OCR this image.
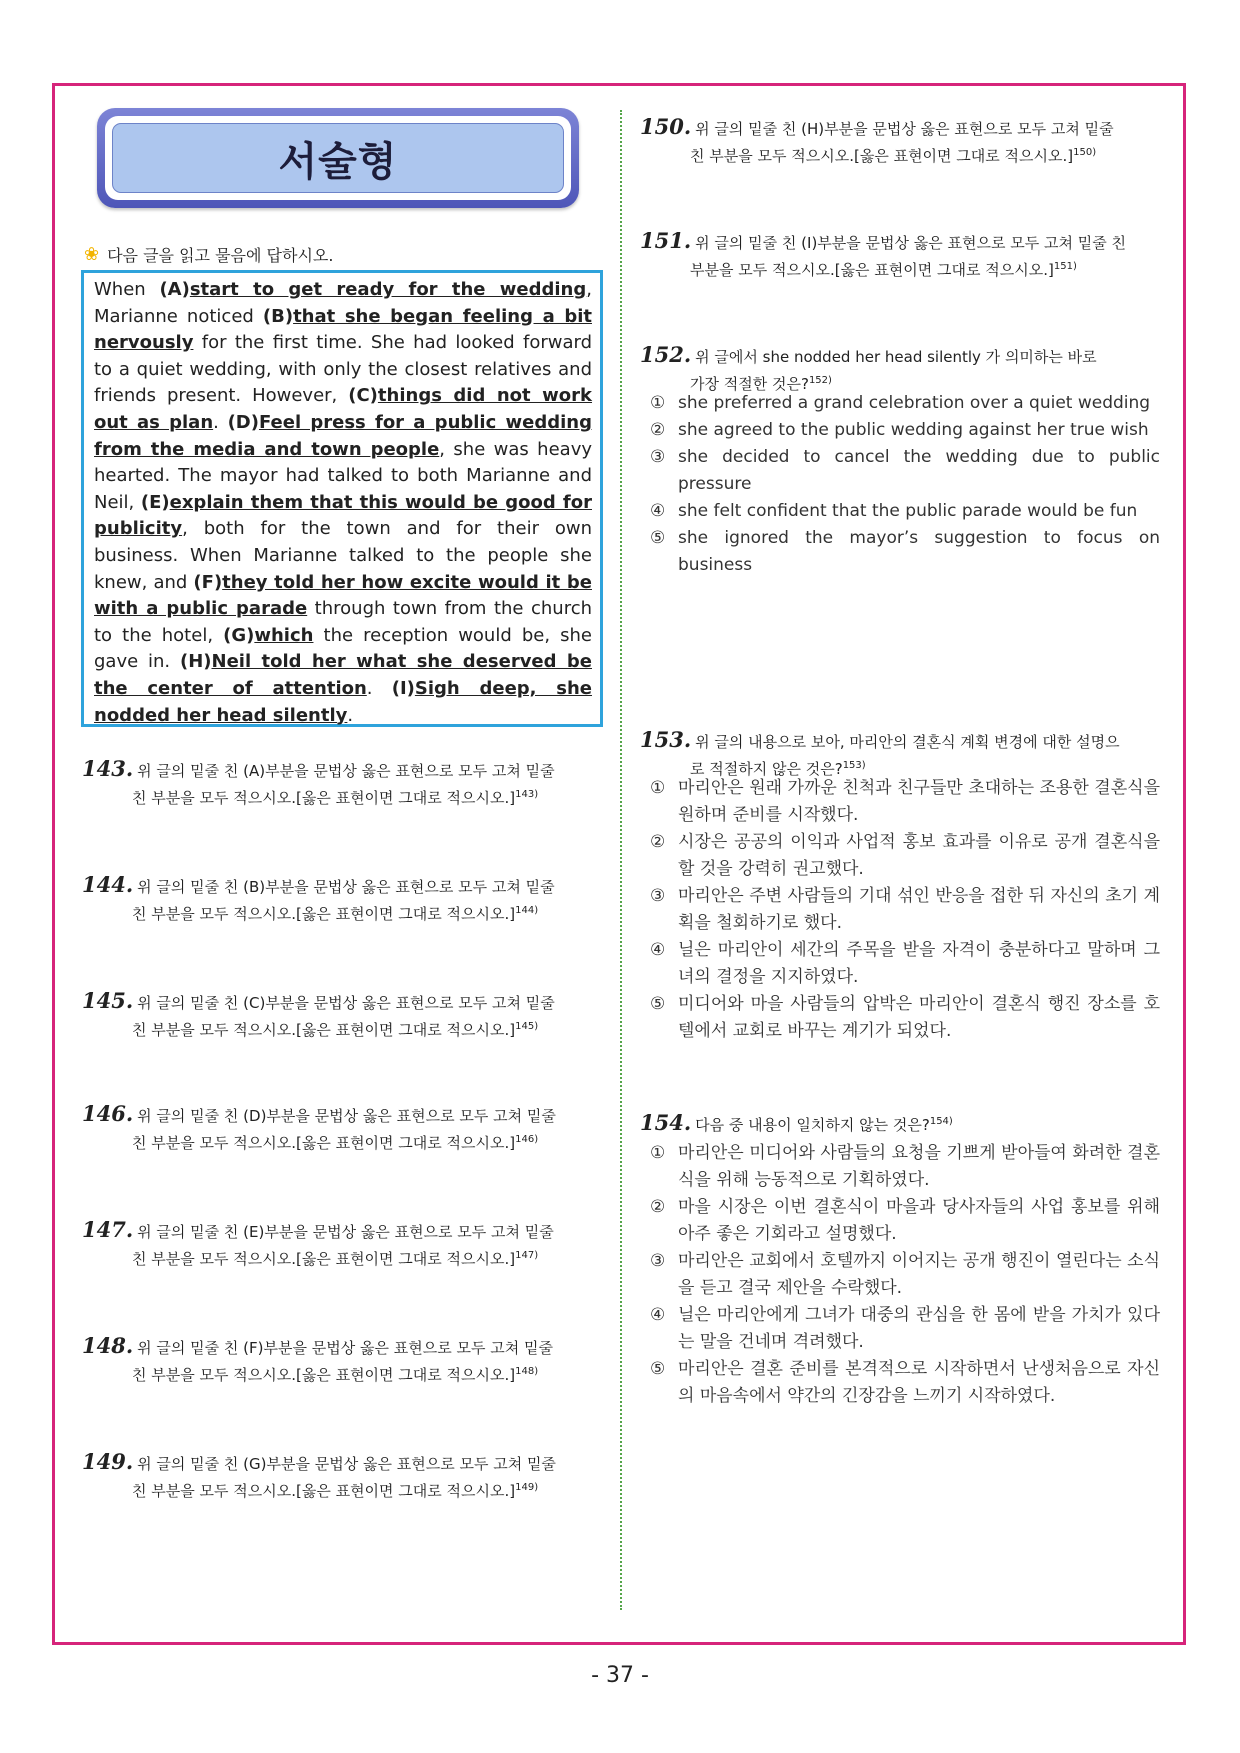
서술형
❀ 다음 글을 읽고 물음에 답하시오.
When (A)start to get ready for the wedding, Marianne noticed (B)that she began feeling a bit nervously for the first time. She had looked forward to a quiet wedding, with only the closest relatives and friends present. However, (C)things did not work out as plan. (D)Feel press for a public wedding from the media and town people, she was heavy hearted. The mayor had talked to both Marianne and Neil, (E)explain them that this would be good for publicity, both for the town and for their own business. When Marianne talked to the people she knew, and (F)they told her how excite would it be with a public parade through town from the church to the hotel, (G)which the reception would be, she gave in. (H)Neil told her what she deserved be the center of attention. (I)Sigh deep, she nodded her head silently.
143. 위 글의 밑줄 친 (A)부분을 문법상 옳은 표현으로 모두 고쳐 밑줄
친 부분을 모두 적으시오.[옳은 표현이면 그대로 적으시오.]$^{143)}$
144. 위 글의 밑줄 친 (B)부분을 문법상 옳은 표현으로 모두 고쳐 밑줄
친 부분을 모두 적으시오.[옳은 표현이면 그대로 적으시오.]$^{144)}$
145. 위 글의 밑줄 친 (C)부분을 문법상 옳은 표현으로 모두 고쳐 밑줄
친 부분을 모두 적으시오.[옳은 표현이면 그대로 적으시오.]$^{145)}$
146. 위 글의 밑줄 친 (D)부분을 문법상 옳은 표현으로 모두 고쳐 밑줄
친 부분을 모두 적으시오.[옳은 표현이면 그대로 적으시오.]$^{146)}$
147. 위 글의 밑줄 친 (E)부분을 문법상 옳은 표현으로 모두 고쳐 밑줄
친 부분을 모두 적으시오.[옳은 표현이면 그대로 적으시오.]$^{147)}$
148. 위 글의 밑줄 친 (F)부분을 문법상 옳은 표현으로 모두 고쳐 밑줄
친 부분을 모두 적으시오.[옳은 표현이면 그대로 적으시오.]$^{148)}$
149. 위 글의 밑줄 친 (G)부분을 문법상 옳은 표현으로 모두 고쳐 밑줄
친 부분을 모두 적으시오.[옳은 표현이면 그대로 적으시오.]$^{149)}$
150. 위 글의 밑줄 친 (H)부분을 문법상 옳은 표현으로 모두 고쳐 밑줄
친 부분을 모두 적으시오.[옳은 표현이면 그대로 적으시오.]$^{150)}$
151. 위 글의 밑줄 친 (I)부분을 문법상 옳은 표현으로 모두 고쳐 밑줄 친
부분을 모두 적으시오.[옳은 표현이면 그대로 적으시오.]$^{151)}$
152. 위 글에서 she nodded her head silently 가 의미하는 바로
가장 적절한 것은?$^{152)}$
① she preferred a grand celebration over a quiet wedding
② she agreed to the public wedding against her true wish
③ she decided to cancel the wedding due to public pressure
④ she felt confident that the public parade would be fun
⑤ she ignored the mayor’s suggestion to focus on business
153. 위 글의 내용으로 보아, 마리안의 결혼식 계획 변경에 대한 설명으
로 적절하지 않은 것은?$^{153)}$
① 마리안은 원래 가까운 친척과 친구들만 초대하는 조용한 결혼식을 원하며 준비를 시작했다.
② 시장은 공공의 이익과 사업적 홍보 효과를 이유로 공개 결혼식을 할 것을 강력히 권고했다.
③ 마리안은 주변 사람들의 기대 섞인 반응을 접한 뒤 자신의 초기 계획을 철회하기로 했다.
④ 닐은 마리안이 세간의 주목을 받을 자격이 충분하다고 말하며 그녀의 결정을 지지하였다.
⑤ 미디어와 마을 사람들의 압박은 마리안이 결혼식 행진 장소를 호텔에서 교회로 바꾸는 계기가 되었다.
154. 다음 중 내용이 일치하지 않는 것은?$^{154)}$
① 마리안은 미디어와 사람들의 요청을 기쁘게 받아들여 화려한 결혼식을 위해 능동적으로 기획하였다.
② 마을 시장은 이번 결혼식이 마을과 당사자들의 사업 홍보를 위해 아주 좋은 기회라고 설명했다.
③ 마리안은 교회에서 호텔까지 이어지는 공개 행진이 열린다는 소식을 듣고 결국 제안을 수락했다.
④ 닐은 마리안에게 그녀가 대중의 관심을 한 몸에 받을 가치가 있다는 말을 건네며 격려했다.
⑤ 마리안은 결혼 준비를 본격적으로 시작하면서 난생처음으로 자신의 마음속에서 약간의 긴장감을 느끼기 시작하였다.
- 37 -
